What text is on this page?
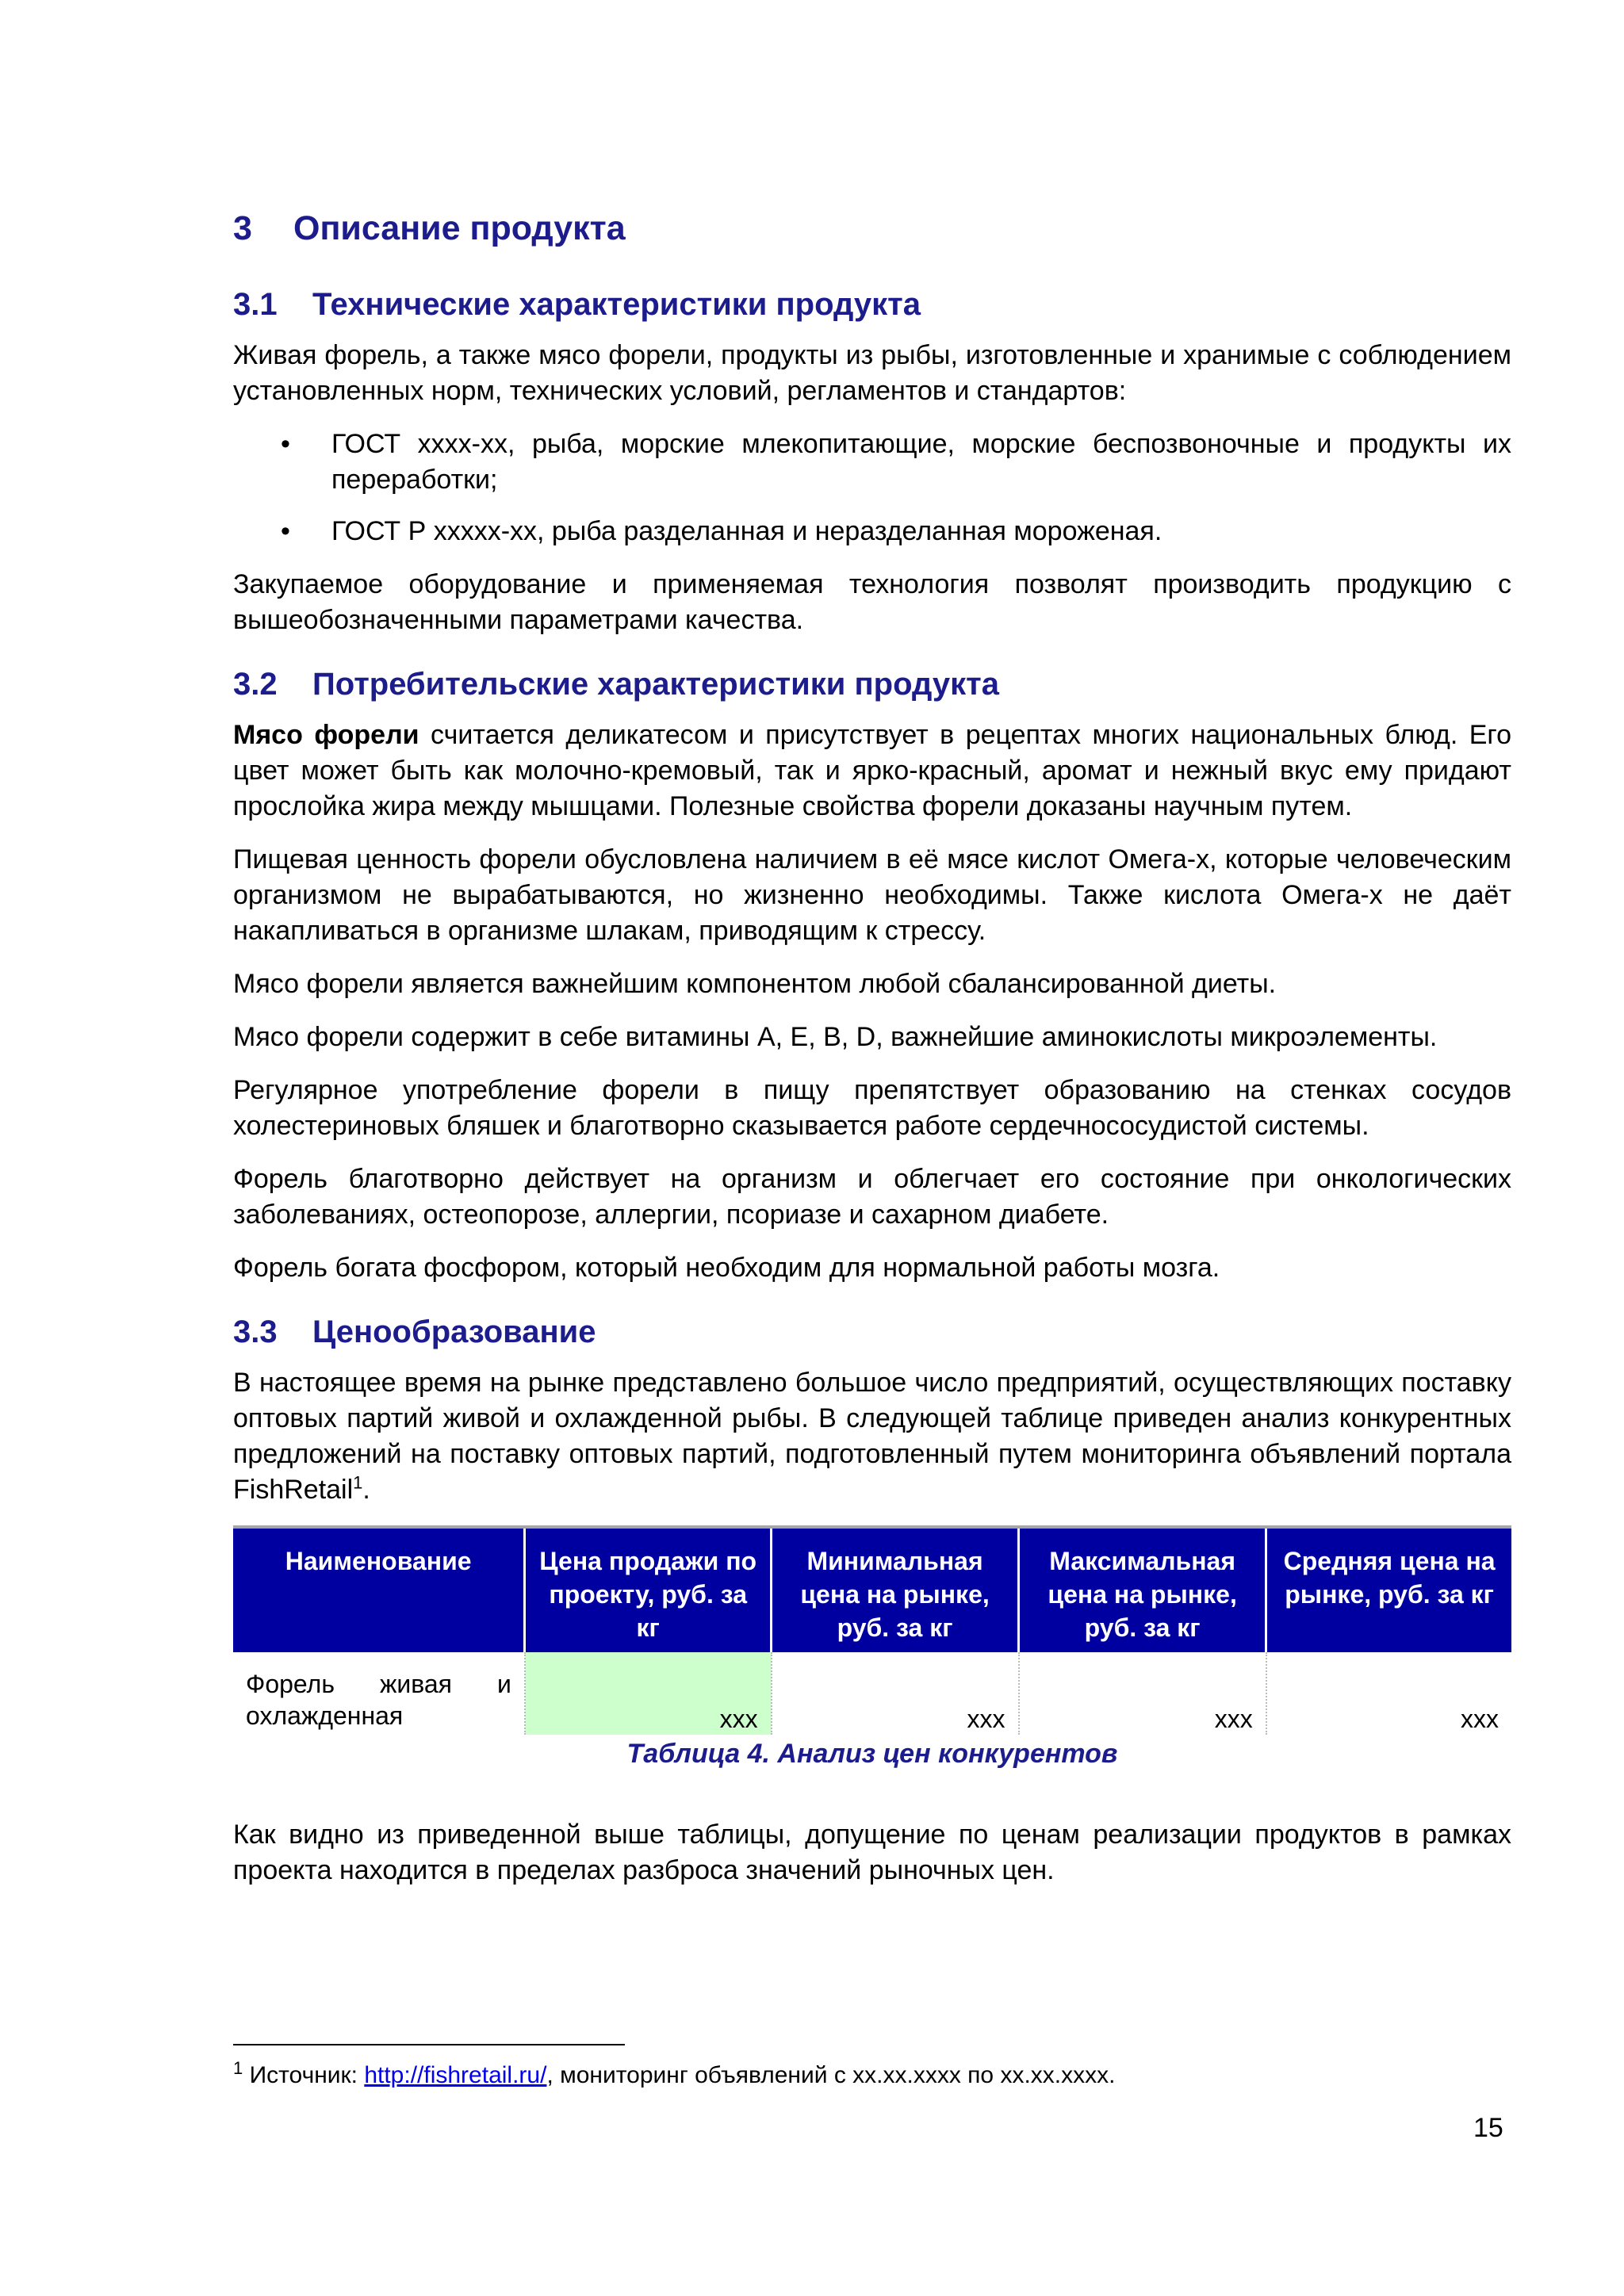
3 Описание продукта
3.1 Технические характеристики продукта

Живая форель, а также мясо форели, продукты из рыбы, изготовленные и хранимые с соблюдением установленных норм, технических условий, регламентов и стандартов:

• ГОСТ хххх-хх, рыба, морские млекопитающие, морские беспозвоночные и продукты их переработки;
• ГОСТ Р ххххх-хх, рыба разделанная и неразделанная мороженая.

Закупаемое оборудование и применяемая технология позволят производить продукцию с вышеобозначенными параметрами качества.

3.2 Потребительские характеристики продукта

Мясо форели считается деликатесом и присутствует в рецептах многих национальных блюд. Его цвет может быть как молочно-кремовый, так и ярко-красный, аромат и нежный вкус ему придают прослойка жира между мышцами. Полезные свойства форели доказаны научным путем.

Пищевая ценность форели обусловлена наличием в её мясе кислот Омега-х, которые человеческим организмом не вырабатываются, но жизненно необходимы. Также кислота Омега-х не даёт накапливаться в организме шлакам, приводящим к стрессу.

Мясо форели является важнейшим компонентом любой сбалансированной диеты.

Мясо форели содержит в себе витамины А, Е, В, D, важнейшие аминокислоты микроэлементы.

Регулярное употребление форели в пищу препятствует образованию на стенках сосудов холестериновых бляшек и благотворно сказывается работе сердечнососудистой системы.

Форель благотворно действует на организм и облегчает его состояние при онкологических заболеваниях, остеопорозе, аллергии, псориазе и сахарном диабете.

Форель богата фосфором, который необходим для нормальной работы мозга.

3.3 Ценообразование

В настоящее время на рынке представлено большое число предприятий, осуществляющих поставку оптовых партий живой и охлажденной рыбы. В следующей таблице приведен анализ конкурентных предложений на поставку оптовых партий, подготовленный путем мониторинга объявлений портала FishRetail$^1$.

Наименование	Цена продажи по проекту, руб. за кг	Минимальная цена на рынке, руб. за кг	Максимальная цена на рынке, руб. за кг	Средняя цена на рынке, руб. за кг
Форель живая и охлажденная	ххх	ххх	ххх	ххх
Таблица 4. Анализ цен конкурентов

Как видно из приведенной выше таблицы, допущение по ценам реализации продуктов в рамках проекта находится в пределах разброса значений рыночных цен.

$^1$ Источник: http://fishretail.ru/, мониторинг объявлений с хх.хх.хххх по хх.хх.хххх.
15
